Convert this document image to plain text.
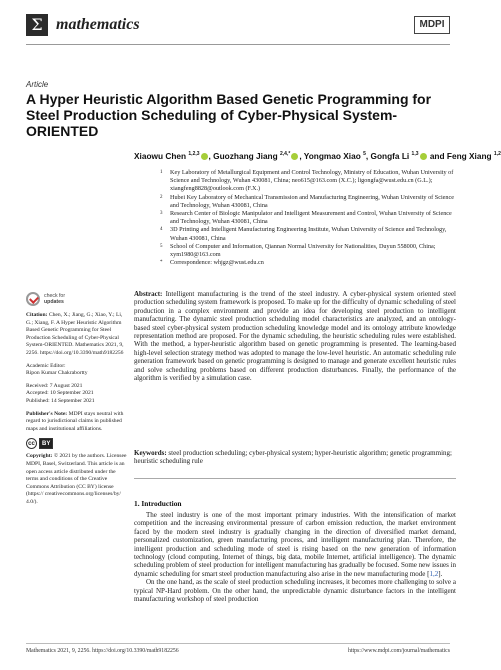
Σ mathematics	MDPI
Article
A Hyper Heuristic Algorithm Based Genetic Programming for Steel Production Scheduling of Cyber-Physical System-ORIENTED
Xiaowu Chen $^{1,2,3}$ , Guozhang Jiang $^{2,4,*}$ , Yongmao Xiao $^5$, Gongfa Li $^{1,3}$ and Feng Xiang $^{1,2}$
1 Key Laboratory of Metallurgical Equipment and Control Technology, Ministry of Education, Wuhan University of Science and Technology, Wuhan 430081, China; neo615@163.com (X.C.); ligongfa@wust.edu.cn (G.L.); xiangfeng8828@outlook.com (F.X.)
2 Hubei Key Laboratory of Mechanical Transmission and Manufacturing Engineering, Wuhan University of Science and Technology, Wuhan 430081, China
3 Research Center of Biologic Manipulator and Intelligent Measurement and Control, Wuhan University of Science and Technology, Wuhan 430081, China
4 3D Printing and Intelligent Manufacturing Engineering Institute, Wuhan University of Science and Technology, Wuhan 430081, China
5 School of Computer and Information, Qiannan Normal University for Nationalities, Duyun 558000, China; xym1980@163.com
* Correspondence: whjgz@wust.edu.cn
check for
updates
Citation: Chen, X.; Jiang, G.; Xiao, Y.; Li, G.; Xiang, F. A Hyper Heuristic Algorithm Based Genetic Programming for Steel Production Scheduling of Cyber-Physical System-ORIENTED. Mathematics 2021, 9, 2256. https://doi.org/10.3390/math9182256
Academic Editor:
Ripon Kumar Chakrabortty
Received: 7 August 2021
Accepted: 10 September 2021
Published: 14 September 2021
Publisher's Note: MDPI stays neutral with regard to jurisdictional claims in published maps and institutional affiliations.
cc	BY
Copyright: © 2021 by the authors. Licensee MDPI, Basel, Switzerland. This article is an open access article distributed under the terms and conditions of the Creative Commons Attribution (CC BY) license (https:// creativecommons.org/licenses/by/ 4.0/).
Abstract: Intelligent manufacturing is the trend of the steel industry. A cyber-physical system oriented steel production scheduling system framework is proposed. To make up for the difficulty of dynamic scheduling of steel production in a complex environment and provide an idea for developing steel production to intelligent manufacturing. The dynamic steel production scheduling model characteristics are analyzed, and an ontology-based steel cyber-physical system production scheduling knowledge model and its ontology attribute knowledge representation method are proposed. For the dynamic scheduling, the heuristic scheduling rules were established. With the method, a hyper-heuristic algorithm based on genetic programming is presented. The learning-based high-level selection strategy method was adopted to manage the low-level heuristic. An automatic scheduling rule generation framework based on genetic programming is designed to manage and generate excellent heuristic rules and solve scheduling problems based on different production disturbances. Finally, the performance of the algorithm is verified by a simulation case.
Keywords: steel production scheduling; cyber-physical system; hyper-heuristic algorithm; genetic programming; heuristic scheduling rule
1. Introduction

The steel industry is one of the most important primary industries. With the intensification of market competition and the increasing environmental pressure of carbon emission reduction, the market environment faced by the modern steel industry is gradually changing in the direction of diversified market demand, personalized customization, green manufacturing process, and intelligent manufacturing plan. Therefore, the intelligent production and scheduling mode of steel is rising based on the new generation of information technology (cloud computing, Internet of things, big data, mobile Internet, artificial intelligence). The dynamic scheduling problem of steel production for intelligent manufacturing has gradually be focused. Some new issues in dynamic scheduling for smart steel production manufacturing also arise in the new manufacturing mode [1,2].

On the one hand, as the scale of steel production scheduling increases, it becomes more challenging to solve a typical NP-Hard problem. On the other hand, the unpredictable dynamic disturbance factors in the intelligent manufacturing workshop of steel production

Mathematics 2021, 9, 2256. https://doi.org/10.3390/math9182256	https://www.mdpi.com/journal/mathematics
